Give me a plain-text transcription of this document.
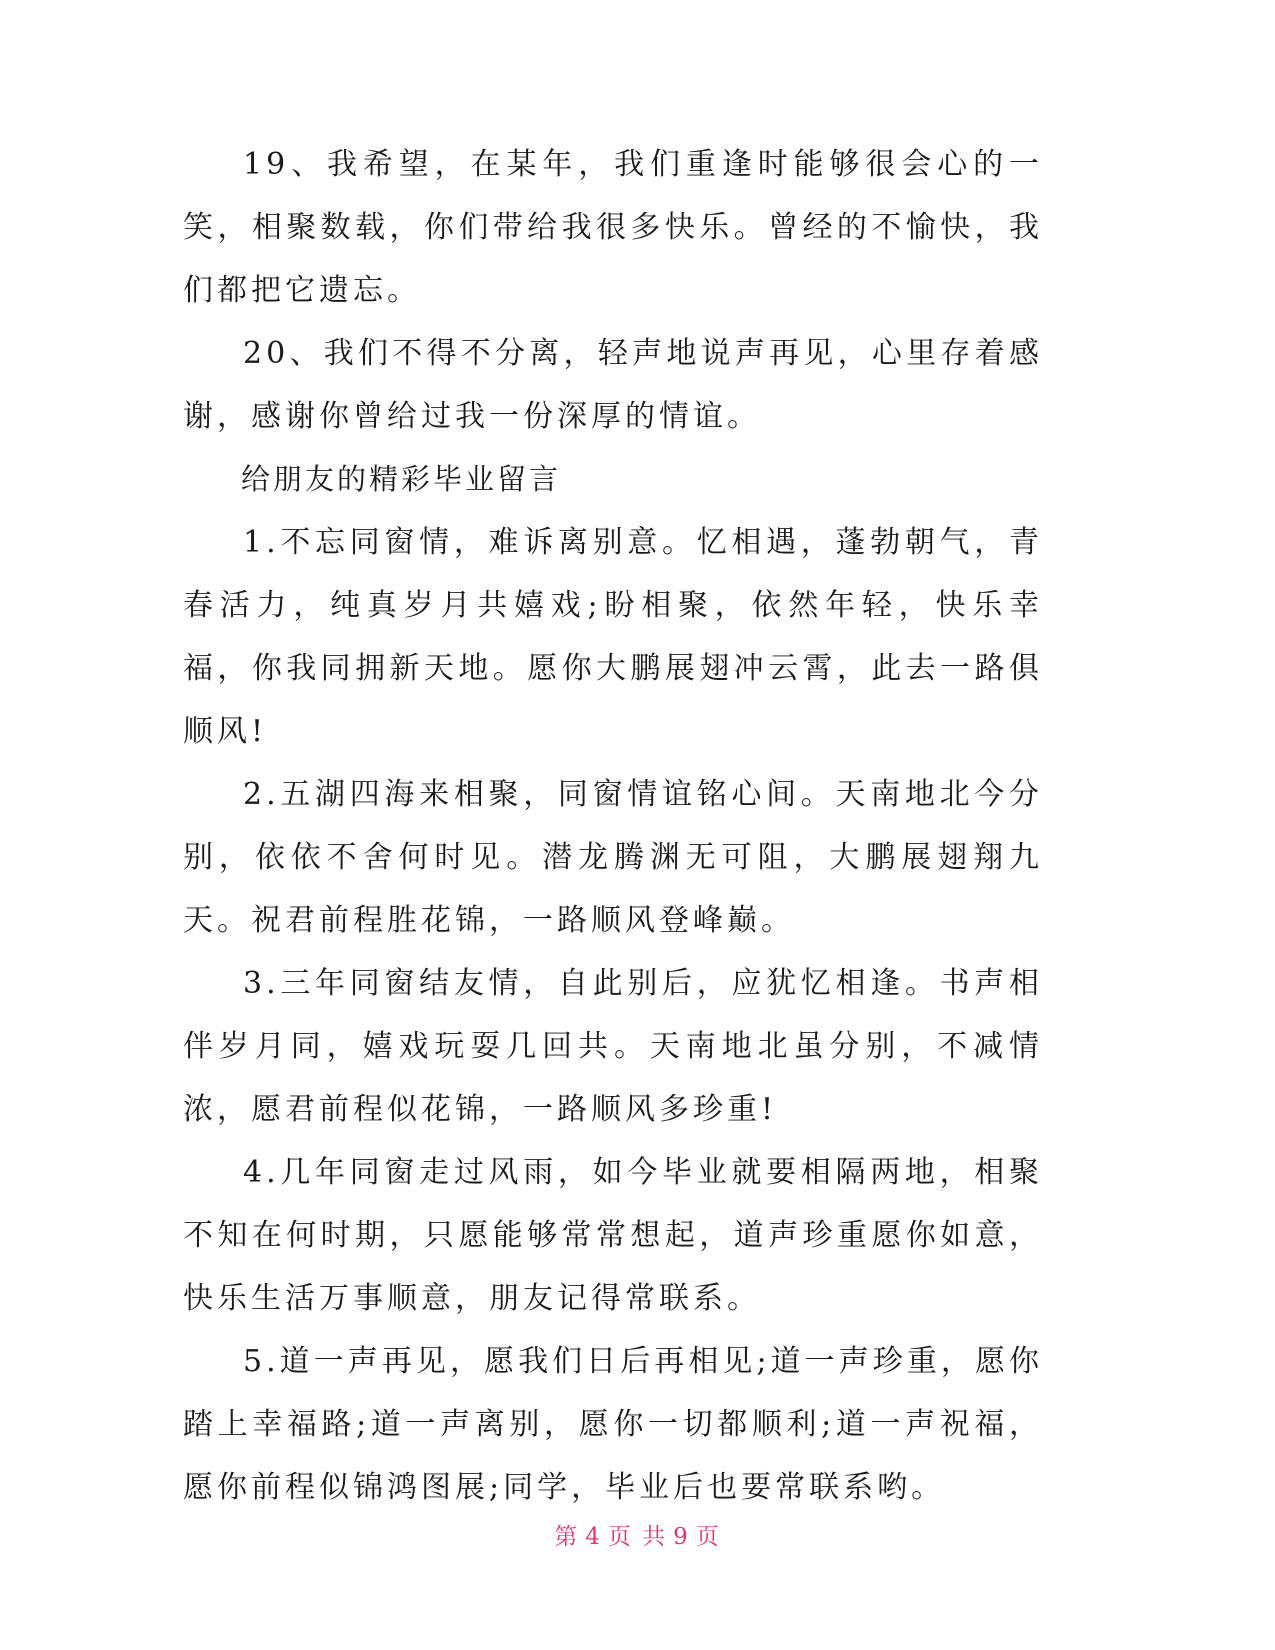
19、我希望，在某年，我们重逢时能够很会心的一笑，相聚数载，你们带给我很多快乐。曾经的不愉快，我们都把它遗忘。

20、我们不得不分离，轻声地说声再见，心里存着感谢，感谢你曾给过我一份深厚的情谊。

给朋友的精彩毕业留言

1.不忘同窗情，难诉离别意。忆相遇，蓬勃朝气，青春活力，纯真岁月共嬉戏;盼相聚，依然年轻，快乐幸福，你我同拥新天地。愿你大鹏展翅冲云霄，此去一路俱顺风!

2.五湖四海来相聚，同窗情谊铭心间。天南地北今分别，依依不舍何时见。潜龙腾渊无可阻，大鹏展翅翔九天。祝君前程胜花锦，一路顺风登峰巅。

3.三年同窗结友情，自此别后，应犹忆相逢。书声相伴岁月同，嬉戏玩耍几回共。天南地北虽分别，不减情浓，愿君前程似花锦，一路顺风多珍重!

4.几年同窗走过风雨，如今毕业就要相隔两地，相聚不知在何时期，只愿能够常常想起，道声珍重愿你如意，快乐生活万事顺意，朋友记得常联系。

5.道一声再见，愿我们日后再相见;道一声珍重，愿你踏上幸福路;道一声离别，愿你一切都顺利;道一声祝福，愿你前程似锦鸿图展;同学，毕业后也要常联系哟。

第 4 页 共 9 页
